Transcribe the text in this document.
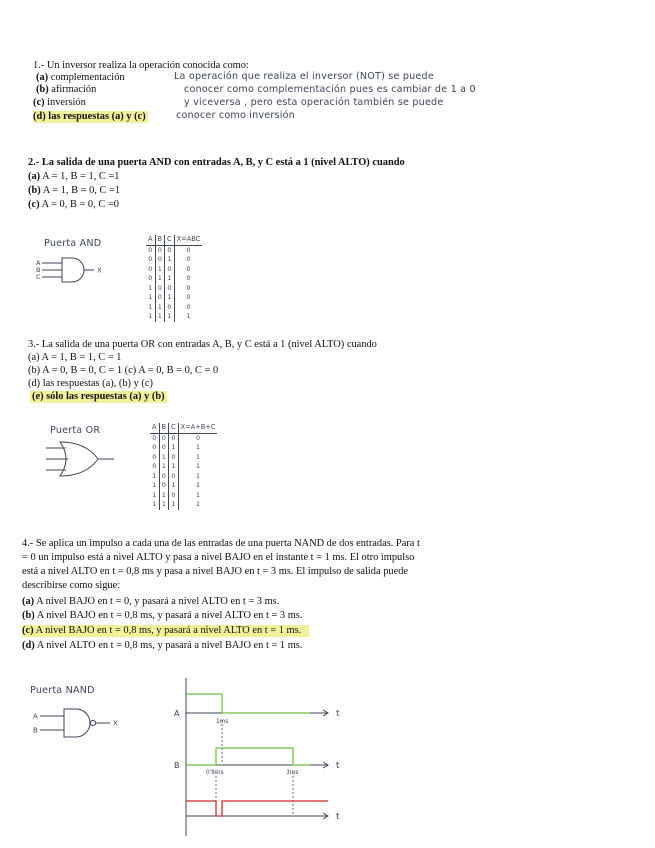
1.- Un inversor realiza la operación conocida como:
(a) complementación
(b) afirmación
(c) inversión
(d) las respuestas (a) y (c)
La operación que realiza el inversor (NOT) se puede
conocer como complementación pues es cambiar de 1 a 0
y viceversa , pero esta operación también se puede
conocer como inversión
2.- La salida de una puerta AND con entradas A, B, y C está a 1 (nivel ALTO) cuando
(a) A = 1, B = 1, C =1
(b) A = 1, B = 0, C =1
(c) A = 0, B = 0, C =0
Puerta AND
A
B
C
X
A	B	C	X=ABC
0	0	0	0
0	0	1	0
0	1	0	0
0	1	1	0
1	0	0	0
1	0	1	0
1	1	0	0
1	1	1	1
3.- La salida de una puerta OR con entradas A, B, y C está a 1 (nivel ALTO) cuando
(a) A = 1, B = 1, C = 1
(b) A = 0, B = 0, C = 1 (c) A = 0, B = 0, C = 0
(d) las respuestas (a), (b) y (c)
(e) sólo las respuestas (a) y (b)
Puerta OR	A	B	C	X=A+B+C
0	0	0	0
0	0	1	1
0	1	0	1
0	1	1	1
1	0	0	1
1	0	1	1
1	1	0	1
1	1	1	1
4.- Se aplica un impulso a cada una de las entradas de una puerta NAND de dos entradas. Para t
= 0 un impulso está a nivel ALTO y pasa a nivel BAJO en el instante t = 1 ms. El otro impulso
está a nivel ALTO en t = 0,8 ms y pasa a nivel BAJO en t = 3 ms. El impulso de salida puede
describirse como sigue:
(a) A nivel BAJO en t = 0, y pasará a nivel ALTO en t = 3 ms.
(b) A nivel BAJO en t = 0,8 ms, y pasará a nivel ALTO en t = 3 ms.
(c) A nivel BAJO en t = 0,8 ms, y pasará a nivel ALTO en t = 1 ms.
(d) A nivel ALTO en t = 0,8 ms, y pasará a nivel BAJO en t = 1 ms.
Puerta NAND
A
B
X
A
B
t
t
t
1ms
0'8ms	3ms
